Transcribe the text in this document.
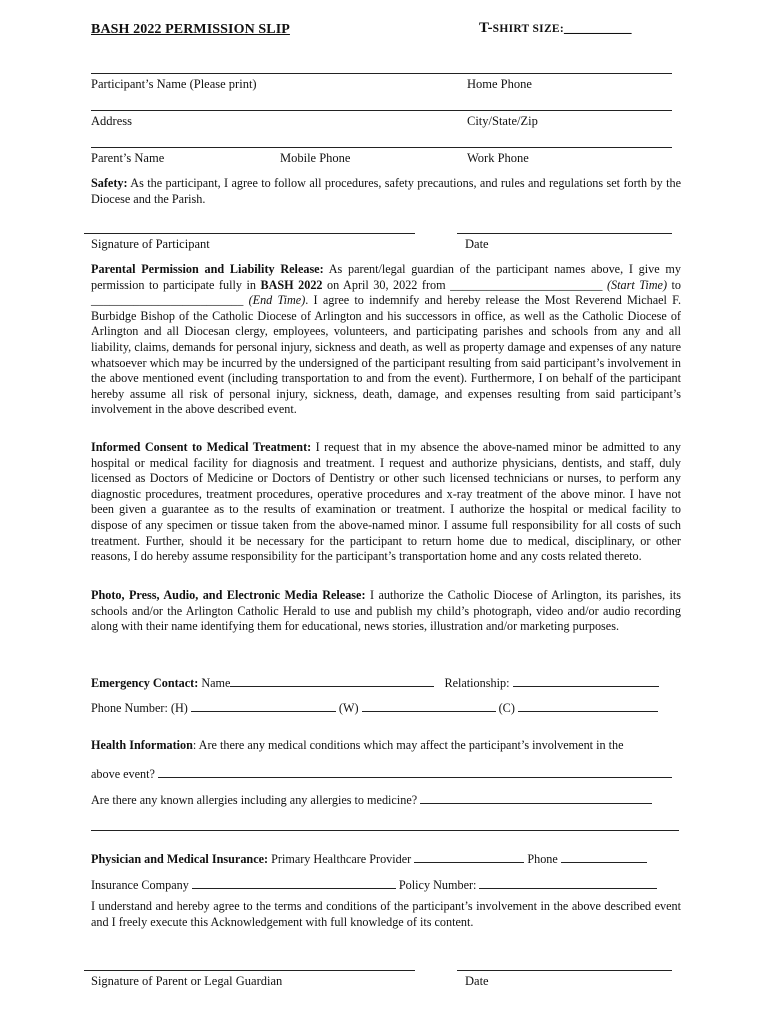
BASH 2022 PERMISSION SLIP	T-SHIRT SIZE:_________
Participant’s Name (Please print)	Home Phone
Address	City/State/Zip
Parent’s Name	Mobile Phone	Work Phone
Safety: As the participant, I agree to follow all procedures, safety precautions, and rules and regulations set forth by the Diocese and the Parish.
Signature of Participant	Date
Parental Permission and Liability Release: As parent/legal guardian of the participant names above, I give my permission to participate fully in BASH 2022 on April 30, 2022 from _________________________ (Start Time) to _________________________ (End Time). I agree to indemnify and hereby release the Most Reverend Michael F. Burbidge Bishop of the Catholic Diocese of Arlington and his successors in office, as well as the Catholic Diocese of Arlington and all Diocesan clergy, employees, volunteers, and participating parishes and schools from any and all liability, claims, demands for personal injury, sickness and death, as well as property damage and expenses of any nature whatsoever which may be incurred by the undersigned of the participant resulting from said participant’s involvement in the above mentioned event (including transportation to and from the event). Furthermore, I on behalf of the participant hereby assume all risk of personal injury, sickness, death, damage, and expenses resulting from said participant’s involvement in the above described event.
Informed Consent to Medical Treatment: I request that in my absence the above-named minor be admitted to any hospital or medical facility for diagnosis and treatment. I request and authorize physicians, dentists, and staff, duly licensed as Doctors of Medicine or Doctors of Dentistry or other such licensed technicians or nurses, to perform any diagnostic procedures, treatment procedures, operative procedures and x-ray treatment of the above minor. I have not been given a guarantee as to the results of examination or treatment. I authorize the hospital or medical facility to dispose of any specimen or tissue taken from the above-named minor. I assume full responsibility for all costs of such treatment. Further, should it be necessary for the participant to return home due to medical, disciplinary, or other reasons, I do hereby assume responsibility for the participant’s transportation home and any costs related thereto.
Photo, Press, Audio, and Electronic Media Release: I authorize the Catholic Diocese of Arlington, its parishes, its schools and/or the Arlington Catholic Herald to use and publish my child’s photograph, video and/or audio recording along with their name identifying them for educational, news stories, illustration and/or marketing purposes.
Emergency Contact: Name	Relationship:
Phone Number: (H)	(W)	(C)
Health Information: Are there any medical conditions which may affect the participant’s involvement in the
above event?
Are there any known allergies including any allergies to medicine?
Physician and Medical Insurance: Primary Healthcare Provider	Phone
Insurance Company	Policy Number:
I understand and hereby agree to the terms and conditions of the participant’s involvement in the above described event and I freely execute this Acknowledgement with full knowledge of its content.
Signature of Parent or Legal Guardian	Date
